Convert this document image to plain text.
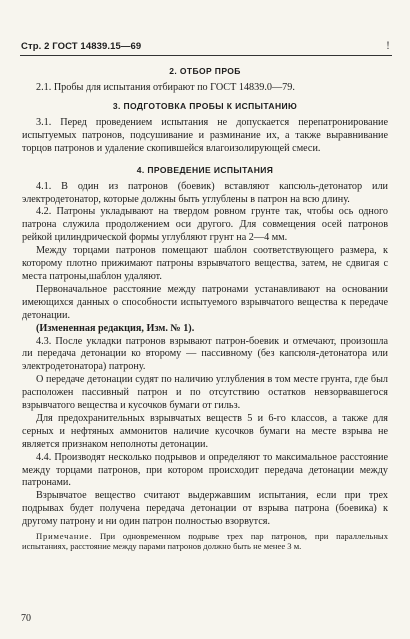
Стр. 2 ГОСТ 14839.15—69	!
2. ОТБОР ПРОБ

2.1. Пробы для испытания отбирают по ГОСТ 14839.0—79.

3. ПОДГОТОВКА ПРОБЫ К ИСПЫТАНИЮ

3.1. Перед проведением испытания не допускается перепатронирование испытуемых патронов, подсушивание и разминание их, а также выравнивание торцов патронов и удаление скопившейся влагоизолирующей смеси.

4. ПРОВЕДЕНИЕ ИСПЫТАНИЯ

4.1. В один из патронов (боевик) вставляют капсюль-детонатор или электродетонатор, которые должны быть углублены в патрон на всю длину.

4.2. Патроны укладывают на твердом ровном грунте так, чтобы ось одного патрона служила продолжением оси другого. Для совмещения осей патронов рейкой цилиндрической формы углубляют грунт на 2—4 мм.

Между торцами патронов помещают шаблон соответствующего размера, к которому плотно прижимают патроны взрывчатого вещества, затем, не сдвигая с места патроны,шаблон удаляют.

Первоначальное расстояние между патронами устанавливают на основании имеющихся данных о способности испытуемого взрывчатого вещества к передаче детонации.

(Измененная редакция, Изм. № 1).

4.3. После укладки патронов взрывают патрон-боевик и отмечают, произошла ли передача детонации ко второму — пассивному (без капсюля-детонатора или электродетонатора) патрону.

О передаче детонации судят по наличию углубления в том месте грунта, где был расположен пассивный патрон и по отсутствию остатков невзорвавшегося взрывчатого вещества и кусочков бумаги от гильз.

Для предохранительных взрывчатых веществ 5 и 6-го классов, а также для серных и нефтяных аммонитов наличие кусочков бумаги на месте взрыва не является признаком неполноты детонации.

4.4. Производят несколько подрывов и определяют то максимальное расстояние между торцами патронов, при котором происходит передача детонации между патронами.

Взрывчатое вещество считают выдержавшим испытания, если при трех подрывах будет получена передача детонации от взрыва патрона (боевика) к другому патрону и ни один патрон полностью взорвутся.

Примечание. При одновременном подрыве трех пар патронов, при параллельных испытаниях, расстояние между парами патронов должно быть не менее 3 м.
70
